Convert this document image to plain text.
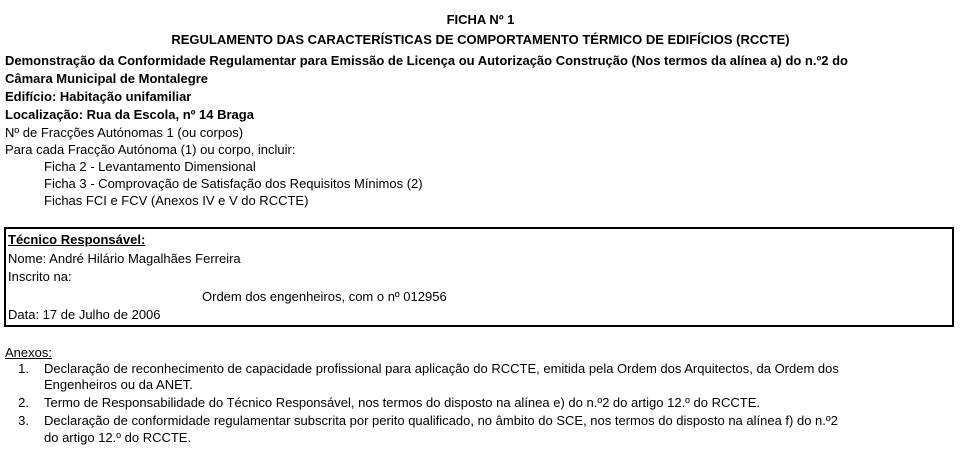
FICHA Nº 1
REGULAMENTO DAS CARACTERÍSTICAS DE COMPORTAMENTO TÉRMICO DE EDIFÍCIOS (RCCTE)
Demonstração da Conformidade Regulamentar para Emissão de Licença ou Autorização Construção (Nos termos da alínea a) do n.º2 do
Câmara Municipal de Montalegre
Edifício: Habitação unifamiliar
Localização: Rua da Escola, nº 14 Braga
Nº de Fracções Autónomas 1 (ou corpos)
Para cada Fracção Autónoma (1) ou corpo, incluir:
Ficha 2 - Levantamento Dimensional
Ficha 3 - Comprovação de Satisfação dos Requisitos Mínimos (2)
Fichas FCI e FCV (Anexos IV e V do RCCTE)
Técnico Responsável:
Nome: André Hilário Magalhães Ferreira
Inscrito na:
Ordem dos engenheiros, com o nº 012956
Data: 17 de Julho de 2006
Anexos:
1. Declaração de reconhecimento de capacidade profissional para aplicação do RCCTE, emitida pela Ordem dos Arquitectos, da Ordem dos
Engenheiros ou da ANET.
2. Termo de Responsabilidade do Técnico Responsável, nos termos do disposto na alínea e) do n.º2 do artigo 12.º do RCCTE.
3. Declaração de conformidade regulamentar subscrita por perito qualificado, no âmbito do SCE, nos termos do disposto na alínea f) do n.º2
do artigo 12.º do RCCTE.
